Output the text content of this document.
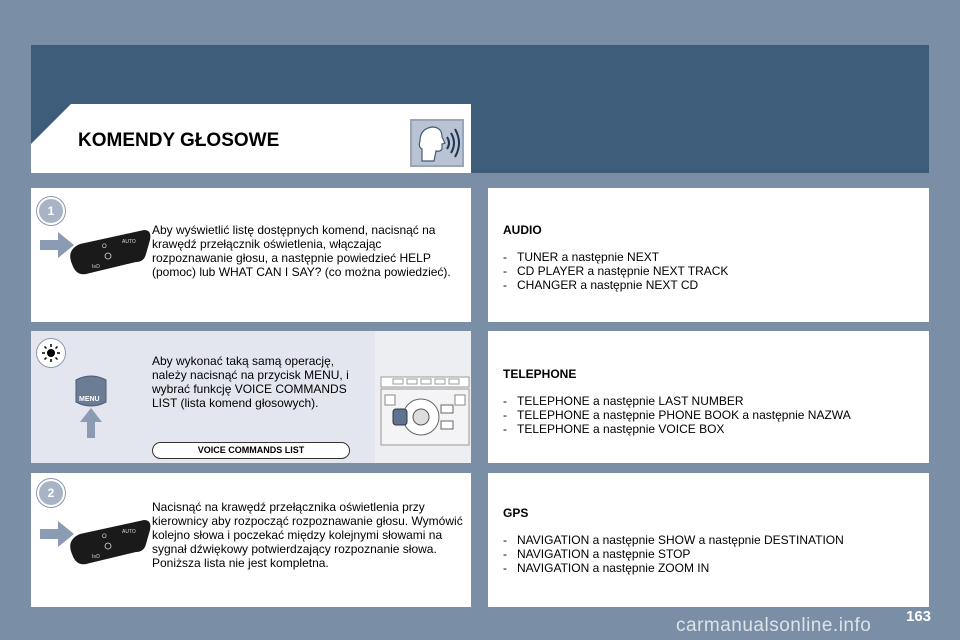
KOMENDY GŁOSOWE
1
O
AUTO
I≡D
Aby wyświetlić listę dostępnych komend, nacisnąć na krawędź przełącznik oświetlenia, włączając rozpoznawanie głosu, a następnie powiedzieć HELP (pomoc) lub WHAT CAN I SAY? (co można powiedzieć).
MENU
Aby wykonać taką samą operację, należy nacisnąć na przycisk MENU, i wybrać funkcję VOICE COMMANDS LIST (lista komend głosowych).
VOICE COMMANDS LIST
2
O
AUTO
I≡D
Nacisnąć na krawędź przełącznika oświetlenia przy kierownicy aby rozpocząć rozpoznawanie głosu. Wymówić kolejno słowa i poczekać między kolejnymi słowami na sygnał dźwiękowy potwierdzający rozpoznanie słowa.
Poniższa lista nie jest kompletna.
AUDIO
- TUNER a następnie NEXT
- CD PLAYER a następnie NEXT TRACK
- CHANGER a następnie NEXT CD
TELEPHONE
- TELEPHONE a następnie LAST NUMBER
- TELEPHONE a następnie PHONE BOOK a następnie NAZWA
- TELEPHONE a następnie VOICE BOX
GPS
- NAVIGATION a następnie SHOW a następnie DESTINATION
- NAVIGATION a następnie STOP
- NAVIGATION a następnie ZOOM IN
carmanualsonline.info 163
